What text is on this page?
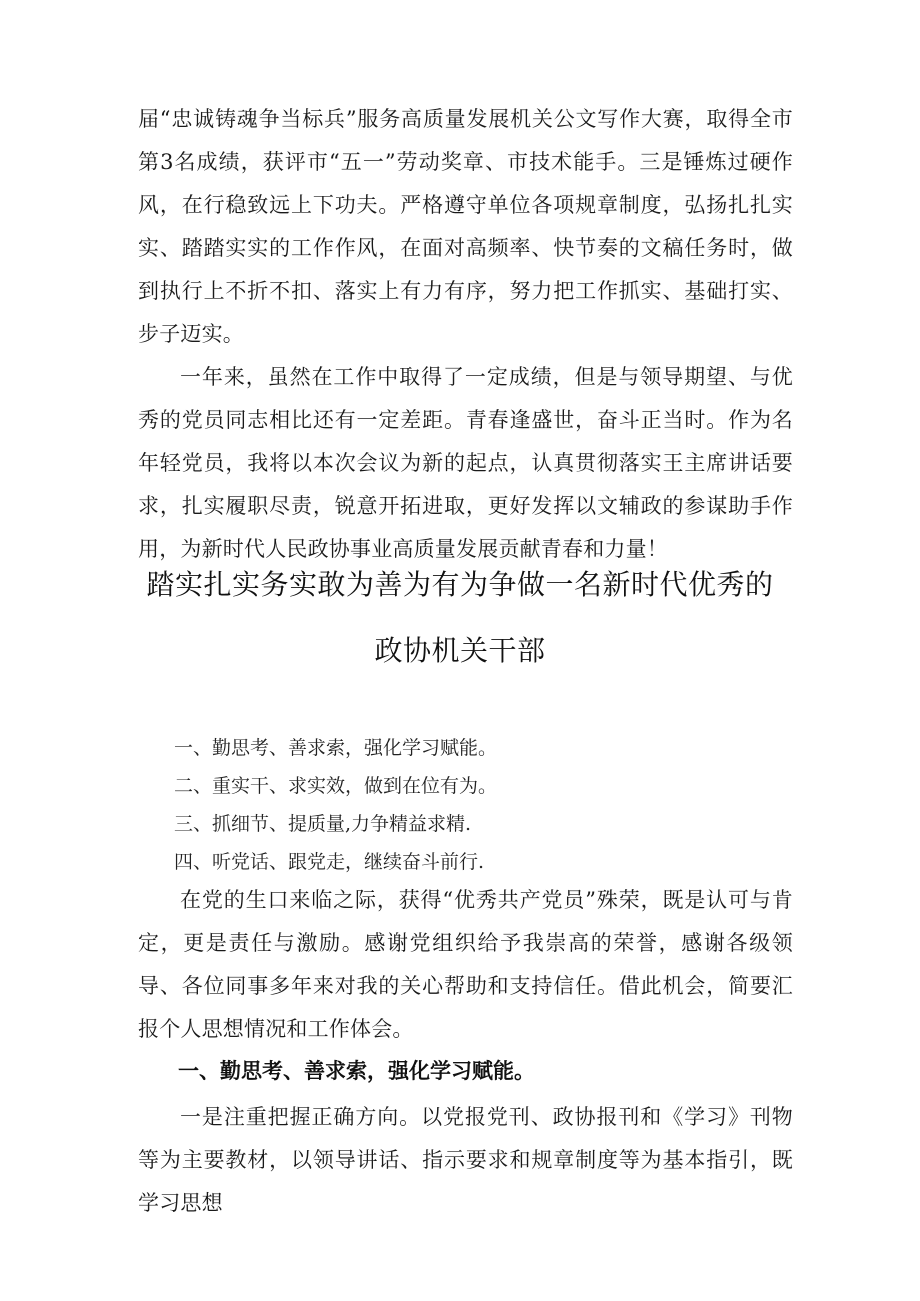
届“忠诚铸魂争当标兵”服务高质量发展机关公文写作大赛，取得全市第3名成绩，获评市“五一”劳动奖章、市技术能手。三是锤炼过硬作风，在行稳致远上下功夫。严格遵守单位各项规章制度，弘扬扎扎实实、踏踏实实的工作作风，在面对高频率、快节奏的文稿任务时，做到执行上不折不扣、落实上有力有序，努力把工作抓实、基础打实、步子迈实。

一年来，虽然在工作中取得了一定成绩，但是与领导期望、与优秀的党员同志相比还有一定差距。青春逢盛世，奋斗正当时。作为名年轻党员，我将以本次会议为新的起点，认真贯彻落实王主席讲话要求，扎实履职尽责，锐意开拓进取，更好发挥以文辅政的参谋助手作用，为新时代人民政协事业高质量发展贡献青春和力量！

踏实扎实务实敢为善为有为争做一名新时代优秀的
政协机关干部
一、勤思考、善求索，强化学习赋能。
二、重实干、求实效，做到在位有为。
三、抓细节、提质量,力争精益求精.
四、听党话、跟党走，继续奋斗前行.

在党的生口来临之际，获得“优秀共产党员”殊荣，既是认可与肯定，更是责任与激励。感谢党组织给予我崇高的荣誉，感谢各级领导、各位同事多年来对我的关心帮助和支持信任。借此机会，简要汇报个人思想情况和工作体会。

一、勤思考、善求索，强化学习赋能。

一是注重把握正确方向。以党报党刊、政协报刊和《学习》刊物等为主要教材，以领导讲话、指示要求和规章制度等为基本指引，既学习思想
